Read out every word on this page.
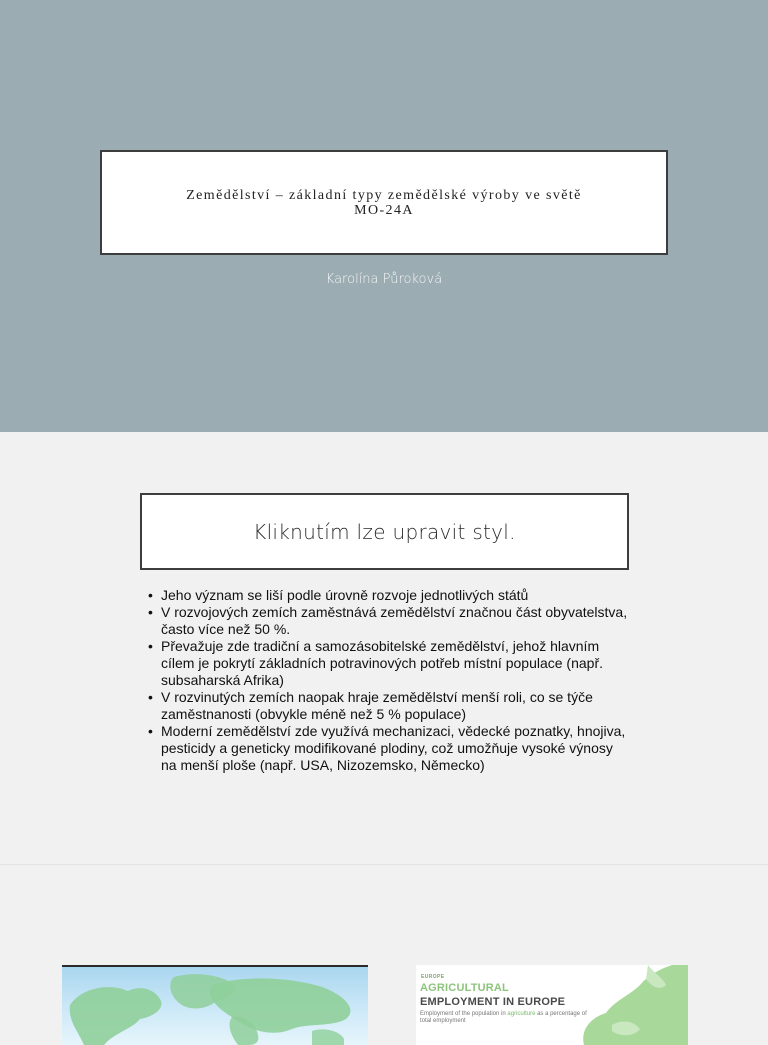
Zemědělství – základní typy zemědělské výroby ve světě
MO-24A
Karolína Půroková
Kliknutím lze upravit styl.
• Jeho význam se liší podle úrovně rozvoje jednotlivých států
• V rozvojových zemích zaměstnává zemědělství značnou část obyvatelstva, často více než 50 %.
• Převažuje zde tradiční a samozásobitelské zemědělství, jehož hlavním cílem je pokrytí základních potravinových potřeb místní populace (např. subsaharská Afrika)
• V rozvinutých zemích naopak hraje zemědělství menší roli, co se týče zaměstnanosti (obvykle méně než 5 % populace)
• Moderní zemědělství zde využívá mechanizaci, vědecké poznatky, hnojiva, pesticidy a geneticky modifikované plodiny, což umožňuje vysoké výnosy na menší ploše (např. USA, Nizozemsko, Německo)
EUROPE
AGRICULTURAL
EMPLOYMENT IN EUROPE
Employment of the population in agriculture as a percentage of total employment
